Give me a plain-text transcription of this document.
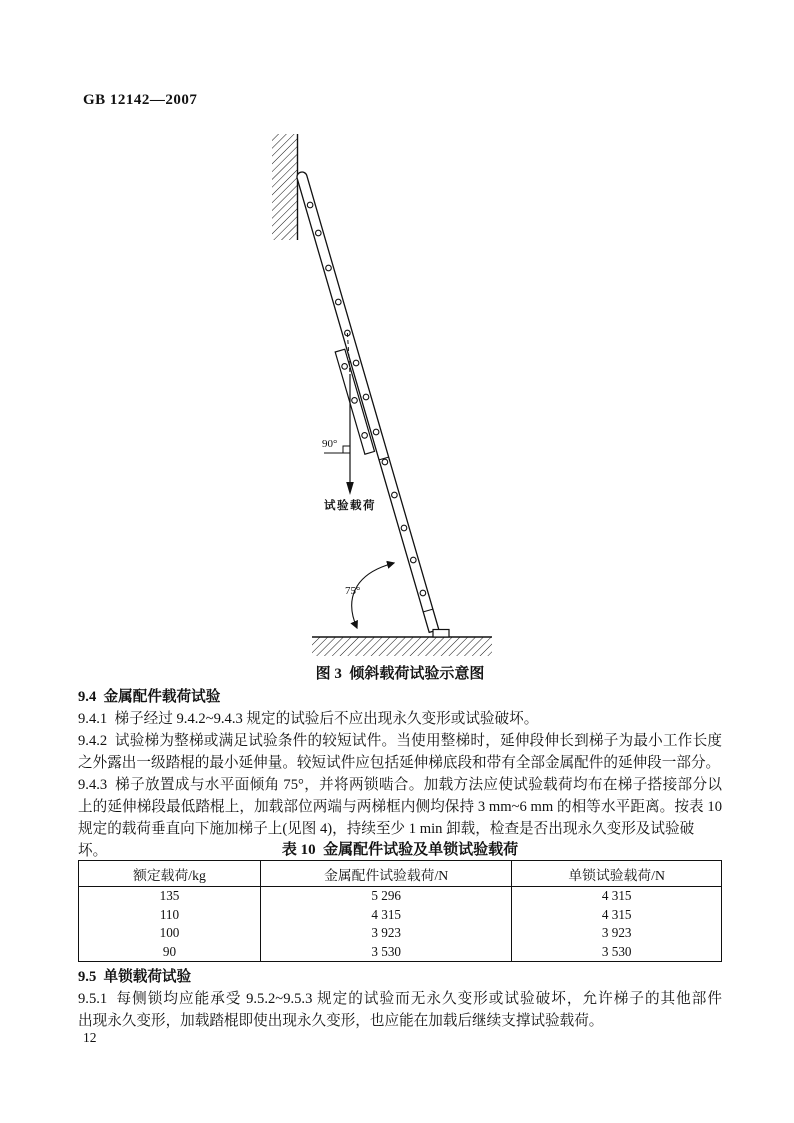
GB 12142—2007
90°
试验载荷
75°
图 3  倾斜载荷试验示意图
9.4  金属配件载荷试验
9.4.1  梯子经过 9.4.2~9.4.3 规定的试验后不应出现永久变形或试验破坏。
9.4.2  试验梯为整梯或满足试验条件的较短试件。当使用整梯时，延伸段伸长到梯子为最小工作长度
之外露出一级踏棍的最小延伸量。较短试件应包括延伸梯底段和带有全部金属配件的延伸段一部分。
9.4.3  梯子放置成与水平面倾角 75°，并将两锁啮合。加载方法应使试验载荷均布在梯子搭接部分以
上的延伸梯段最低踏棍上，加载部位两端与两梯框内侧均保持 3 mm~6 mm 的相等水平距离。按表 10
规定的载荷垂直向下施加梯子上(见图 4)，持续至少 1 min 卸载，检查是否出现永久变形及试验破坏。	表 10  金属配件试验及单锁试验载荷
额定载荷/kg	金属配件试验载荷/N	单锁试验载荷/N
135	5 296	4 315
110	4 315	4 315
100	3 923	3 923
90	3 530	3 530
9.5  单锁载荷试验
9.5.1  每侧锁均应能承受 9.5.2~9.5.3 规定的试验而无永久变形或试验破坏，允许梯子的其他部件
出现永久变形，加载踏棍即使出现永久变形，也应能在加载后继续支撑试验载荷。
12
